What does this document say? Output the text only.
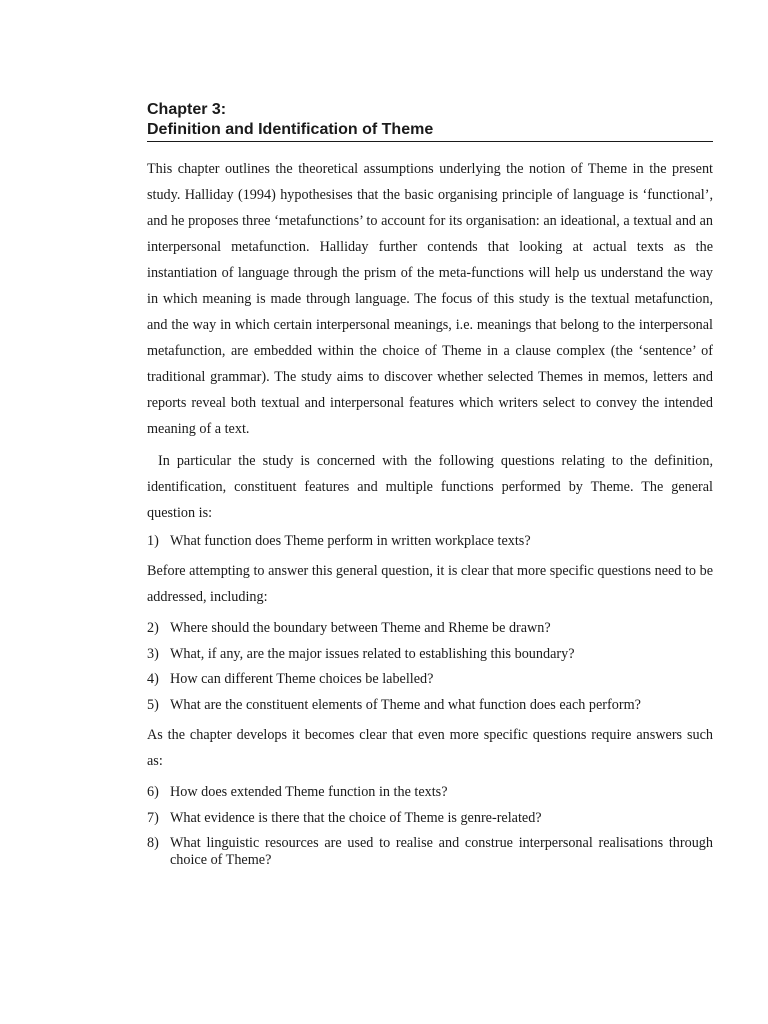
Chapter 3:
Definition and Identification of Theme

This chapter outlines the theoretical assumptions underlying the notion of Theme in the present study. Halliday (1994) hypothesises that the basic organising principle of language is ‘functional’, and he proposes three ‘metafunctions’ to account for its organisation: an ideational, a textual and an interpersonal metafunction. Halliday further contends that looking at actual texts as the instantiation of language through the prism of the meta-functions will help us understand the way in which meaning is made through language. The focus of this study is the textual metafunction, and the way in which certain interpersonal meanings, i.e. meanings that belong to the interpersonal metafunction, are embedded within the choice of Theme in a clause complex (the ‘sentence’ of traditional grammar). The study aims to discover whether selected Themes in memos, letters and reports reveal both textual and interpersonal features which writers select to convey the intended meaning of a text.

In particular the study is concerned with the following questions relating to the definition, identification, constituent features and multiple functions performed by Theme. The general question is:

1) What function does Theme perform in written workplace texts?

Before attempting to answer this general question, it is clear that more specific questions need to be addressed, including:

2) Where should the boundary between Theme and Rheme be drawn?
3) What, if any, are the major issues related to establishing this boundary?
4) How can different Theme choices be labelled?
5) What are the constituent elements of Theme and what function does each perform?

As the chapter develops it becomes clear that even more specific questions require answers such as:

6) How does extended Theme function in the texts?
7) What evidence is there that the choice of Theme is genre-related?
8) What linguistic resources are used to realise and construe interpersonal realisations through choice of Theme?
